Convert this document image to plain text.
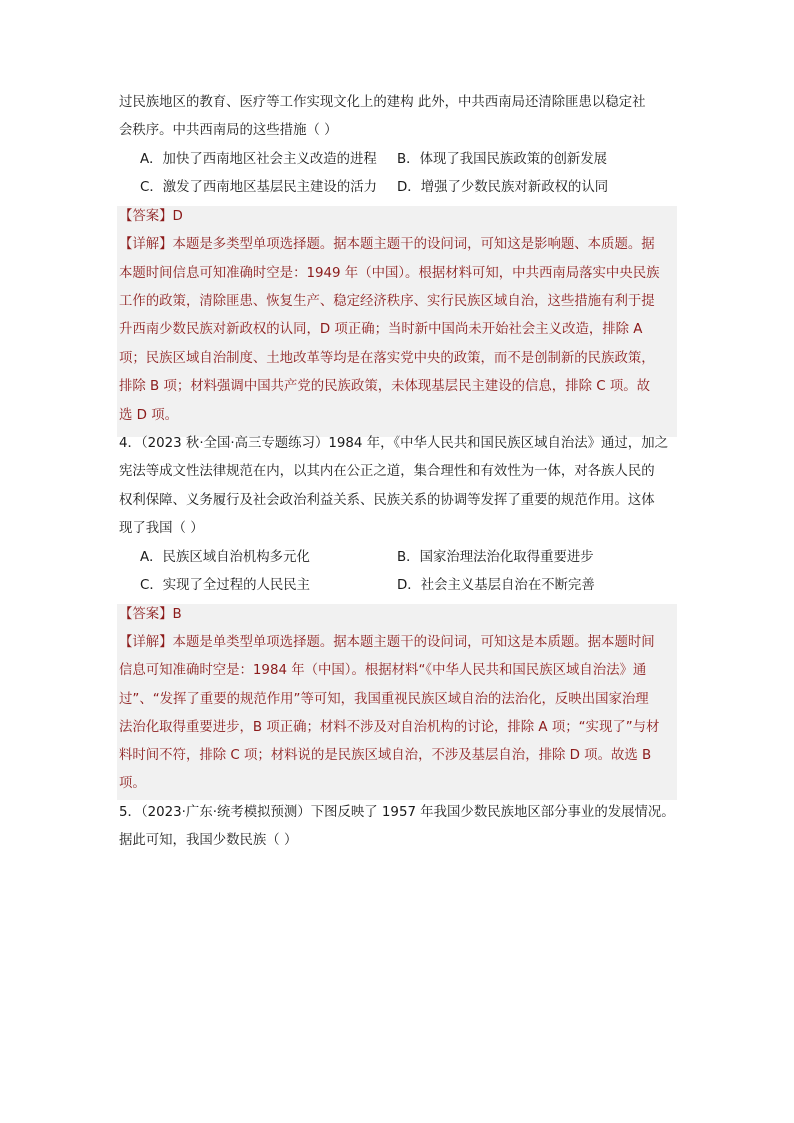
过民族地区的教育、医疗等工作实现文化上的建构 此外，中共西南局还清除匪患以稳定社
会秩序。中共西南局的这些措施（ ）
A．加快了西南地区社会主义改造的进程 B．体现了我国民族政策的创新发展
C．激发了西南地区基层民主建设的活力 D．增强了少数民族对新政权的认同
【答案】D
【详解】本题是多类型单项选择题。据本题主题干的设问词，可知这是影响题、本质题。据
本题时间信息可知准确时空是：1949 年（中国）。根据材料可知，中共西南局落实中央民族
工作的政策，清除匪患、恢复生产、稳定经济秩序、实行民族区域自治，这些措施有利于提
升西南少数民族对新政权的认同，D 项正确；当时新中国尚未开始社会主义改造，排除 A
项；民族区域自治制度、土地改革等均是在落实党中央的政策，而不是创制新的民族政策，
排除 B 项；材料强调中国共产党的民族政策，未体现基层民主建设的信息，排除 C 项。故
选 D 项。
4．（2023 秋·全国·高三专题练习）1984 年，《中华人民共和国民族区域自治法》通过，加之
宪法等成文性法律规范在内，以其内在公正之道，集合理性和有效性为一体，对各族人民的
权利保障、义务履行及社会政治利益关系、民族关系的协调等发挥了重要的规范作用。这体
现了我国（ ）
A．民族区域自治机构多元化	B．国家治理法治化取得重要进步
C．实现了全过程的人民民主	D．社会主义基层自治在不断完善
【答案】B
【详解】本题是单类型单项选择题。据本题主题干的设问词，可知这是本质题。据本题时间
信息可知准确时空是：1984 年（中国）。根据材料“《中华人民共和国民族区域自治法》通
过”、“发挥了重要的规范作用”等可知，我国重视民族区域自治的法治化，反映出国家治理
法治化取得重要进步，B 项正确；材料不涉及对自治机构的讨论，排除 A 项；“实现了”与材
料时间不符，排除 C 项；材料说的是民族区域自治，不涉及基层自治，排除 D 项。故选 B
项。
5．（2023·广东·统考模拟预测）下图反映了 1957 年我国少数民族地区部分事业的发展情况。
据此可知，我国少数民族（ ）
